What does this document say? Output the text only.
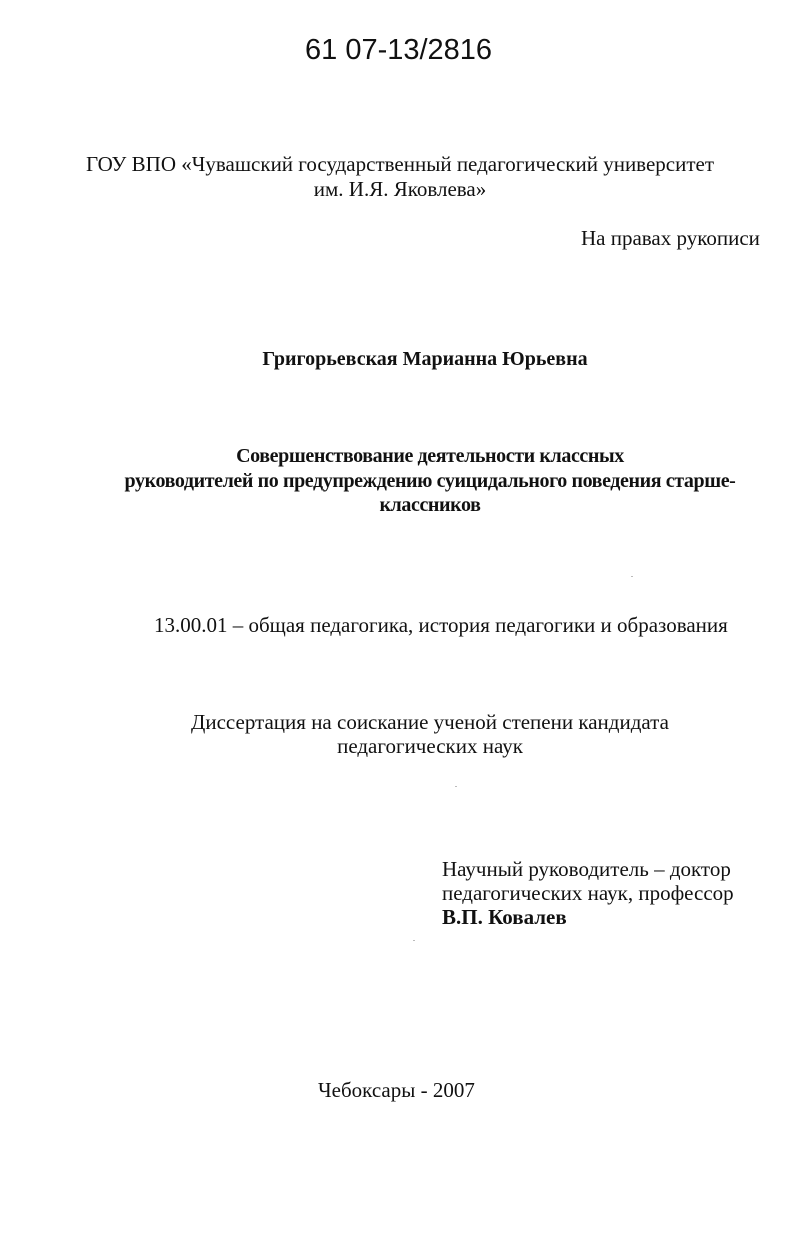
61 07-13/2816
ГОУ ВПО «Чувашский государственный педагогический университет
им. И.Я. Яковлева»
На правах рукописи
Григорьевская Марианна Юрьевна
Совершенствование деятельности классных
руководителей по предупреждению суицидального поведения старше-
классников
13.00.01 – общая педагогика, история педагогики и образования
Диссертация на соискание ученой степени кандидата
педагогических наук
Научный руководитель – доктор
педагогических наук, профессор
В.П. Ковалев
Чебоксары - 2007
